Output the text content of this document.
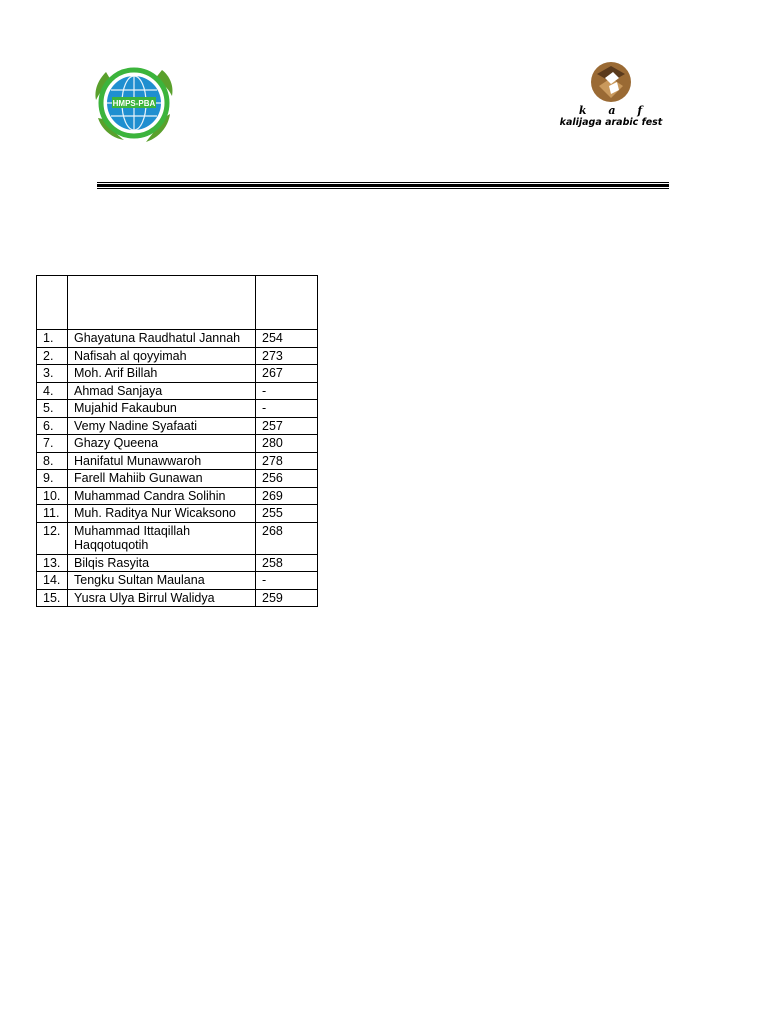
HMPS-PBA
k a f
kalijaga arabic fest

1.	Ghayatuna Raudhatul Jannah	254
2.	Nafisah al qoyyimah	273
3.	Moh. Arif Billah	267
4.	Ahmad Sanjaya	-
5.	Mujahid Fakaubun	-
6.	Vemy Nadine Syafaati	257
7.	Ghazy Queena	280
8.	Hanifatul Munawwaroh	278
9.	Farell Mahiib Gunawan	256
10.	Muhammad Candra Solihin	269
11.	Muh. Raditya Nur Wicaksono	255
12.	Muhammad Ittaqillah Haqqotuqotih	268
13.	Bilqis Rasyita	258
14.	Tengku Sultan Maulana	-
15.	Yusra Ulya Birrul Walidya	259
